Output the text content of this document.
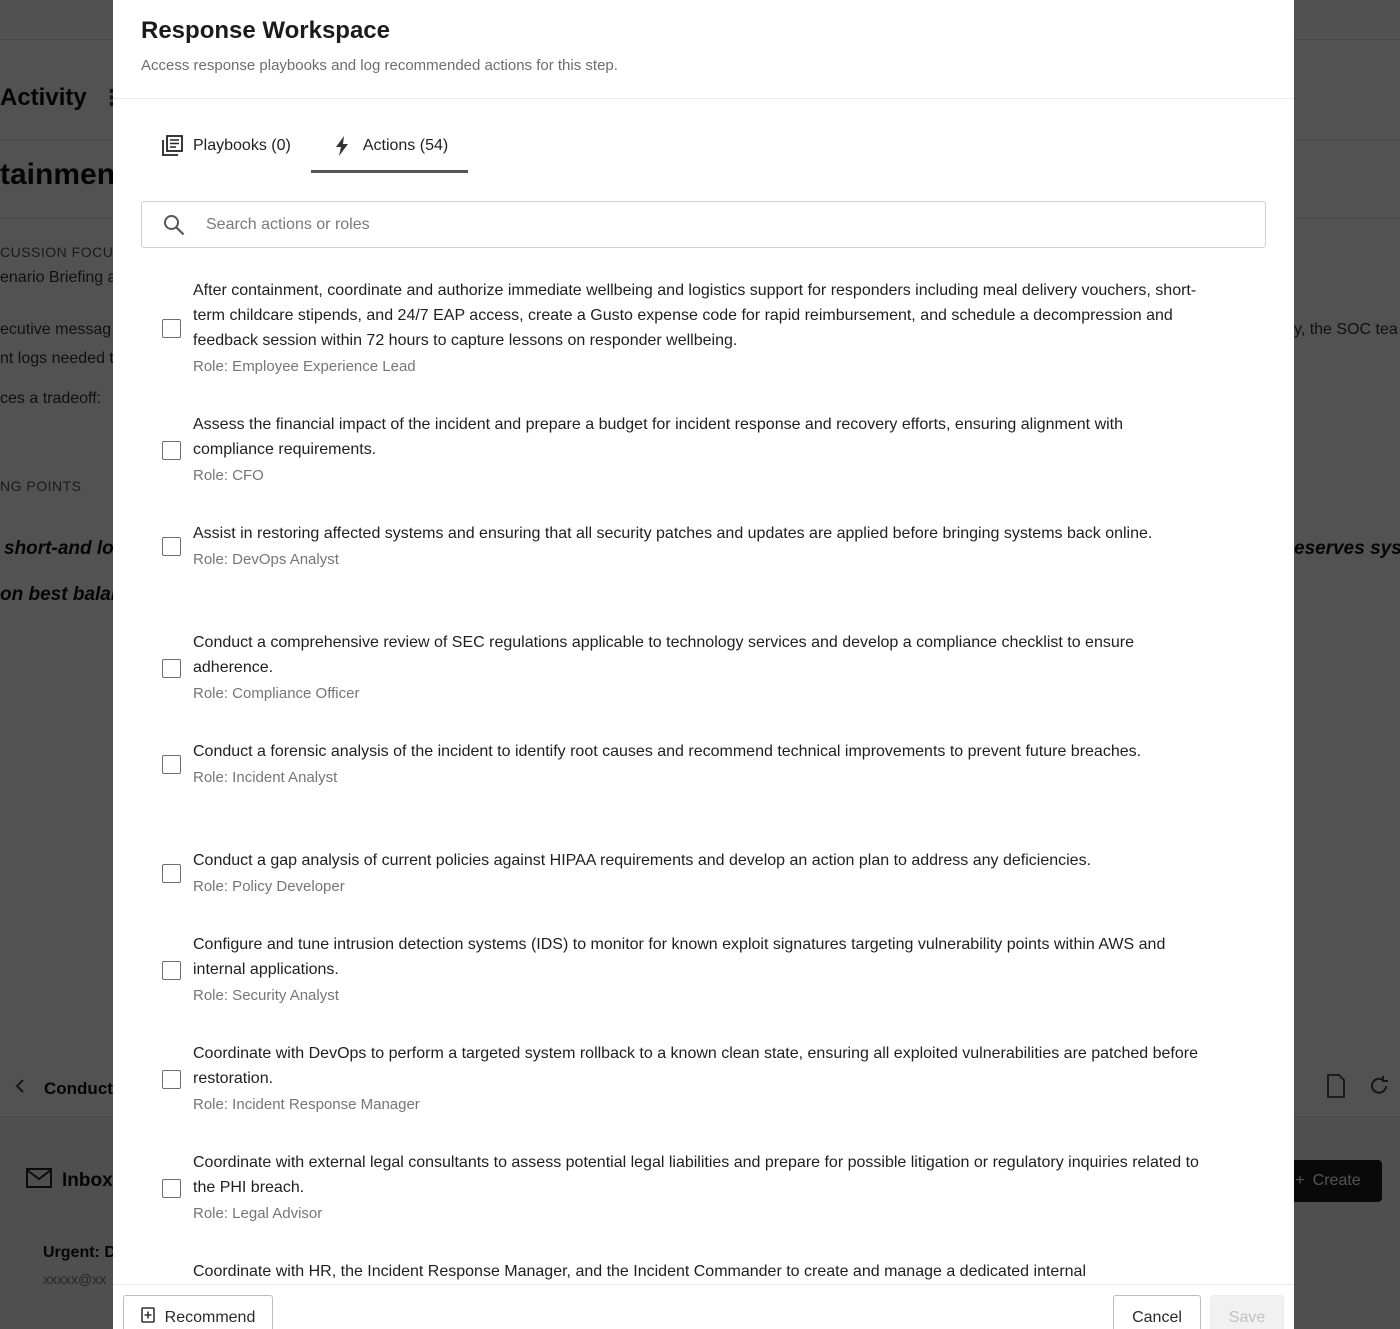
Response Workspace
Access response playbooks and log recommended actions for this step.
Playbooks (0)	Actions (54)
Search actions or roles
After containment, coordinate and authorize immediate wellbeing and logistics support for responders including meal delivery vouchers, short-term childcare stipends, and 24/7 EAP access, create a Gusto expense code for rapid reimbursement, and schedule a decompression and feedback session within 72 hours to capture lessons on responder wellbeing.
Role: Employee Experience Lead
Assess the financial impact of the incident and prepare a budget for incident response and recovery efforts, ensuring alignment with compliance requirements.
Role: CFO
Assist in restoring affected systems and ensuring that all security patches and updates are applied before bringing systems back online.
Role: DevOps Analyst
Conduct a comprehensive review of SEC regulations applicable to technology services and develop a compliance checklist to ensure adherence.
Role: Compliance Officer
Conduct a forensic analysis of the incident to identify root causes and recommend technical improvements to prevent future breaches.
Role: Incident Analyst
Conduct a gap analysis of current policies against HIPAA requirements and develop an action plan to address any deficiencies.
Role: Policy Developer
Configure and tune intrusion detection systems (IDS) to monitor for known exploit signatures targeting vulnerability points within AWS and internal applications.
Role: Security Analyst
Coordinate with DevOps to perform a targeted system rollback to a known clean state, ensuring all exploited vulnerabilities are patched before restoration.
Role: Incident Response Manager
Coordinate with external legal consultants to assess potential legal liabilities and prepare for possible litigation or regulatory inquiries related to the PHI breach.
Role: Legal Advisor
Coordinate with HR, the Incident Response Manager, and the Incident Commander to create and manage a dedicated internal
Recommend	Cancel	Save
